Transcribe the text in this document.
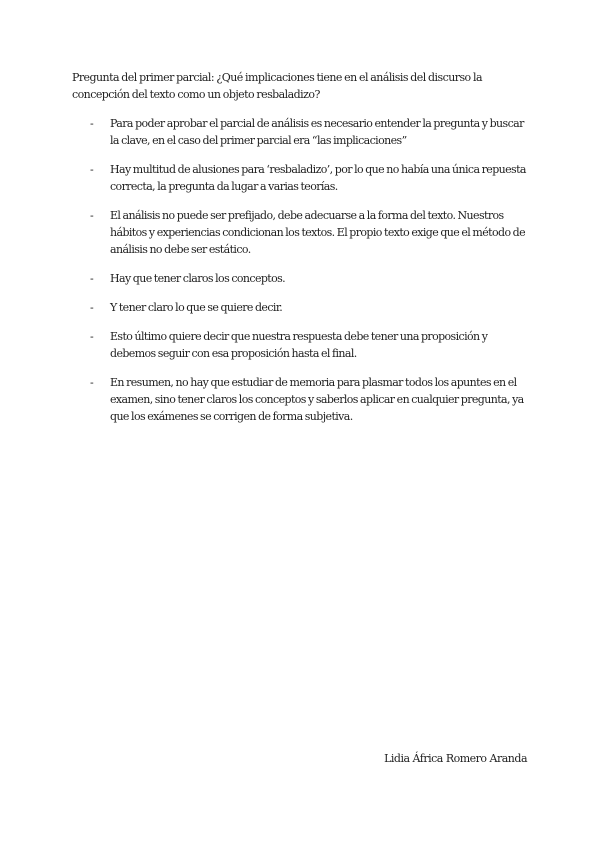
Pregunta del primer parcial: ¿Qué implicaciones tiene en el análisis del discurso la concepción del texto como un objeto resbaladizo?

- Para poder aprobar el parcial de análisis es necesario entender la pregunta y buscar la clave, en el caso del primer parcial era “las implicaciones”
- Hay multitud de alusiones para ‘resbaladizo’, por lo que no había una única repuesta correcta, la pregunta da lugar a varias teorías.
- El análisis no puede ser prefijado, debe adecuarse a la forma del texto. Nuestros hábitos y experiencias condicionan los textos. El propio texto exige que el método de análisis no debe ser estático.
- Hay que tener claros los conceptos.
- Y tener claro lo que se quiere decir.
- Esto último quiere decir que nuestra respuesta debe tener una proposición y debemos seguir con esa proposición hasta el final.
- En resumen, no hay que estudiar de memoria para plasmar todos los apuntes en el examen, sino tener claros los conceptos y saberlos aplicar en cualquier pregunta, ya que los exámenes se corrigen de forma subjetiva.

Lidia África Romero Aranda
